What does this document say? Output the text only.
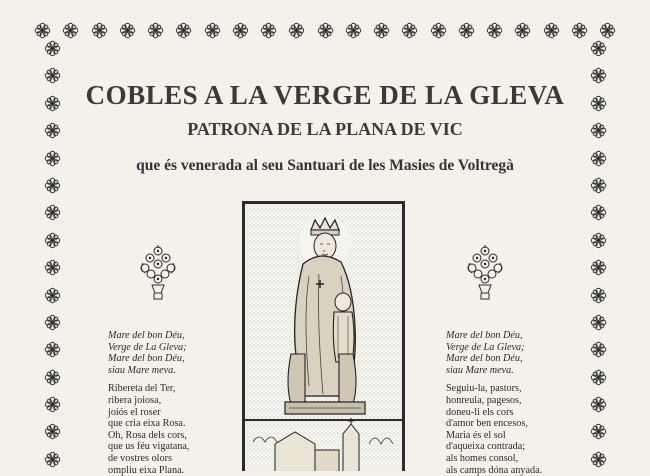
COBLES A LA VERGE DE LA GLEVA
PATRONA DE LA PLANA DE VIC

que és venerada al seu Santuari de les Masies de Voltregà

Mare del bon Déu,
Verge de La Gleva;
Mare del bon Déu,
siau Mare meva.
Ribereta del Ter,
ribera joiosa,
joiós el roser
que cria eixa Rosa.
Oh, Rosa dels cors,
que us féu vigatana,
de vostres olors
ompliu eixa Plana.
Mare del bon Déu,
Verge de La Gleva;
Mare del bon Déu,
siau Mare meva.
Seguiu-la, pastors,
honreula, pagesos,
doneu-li els cors
d'amor ben encesos,
Maria és el sol
d'aqueixa contrada;
als homes consol,
als camps dóna anyada.
